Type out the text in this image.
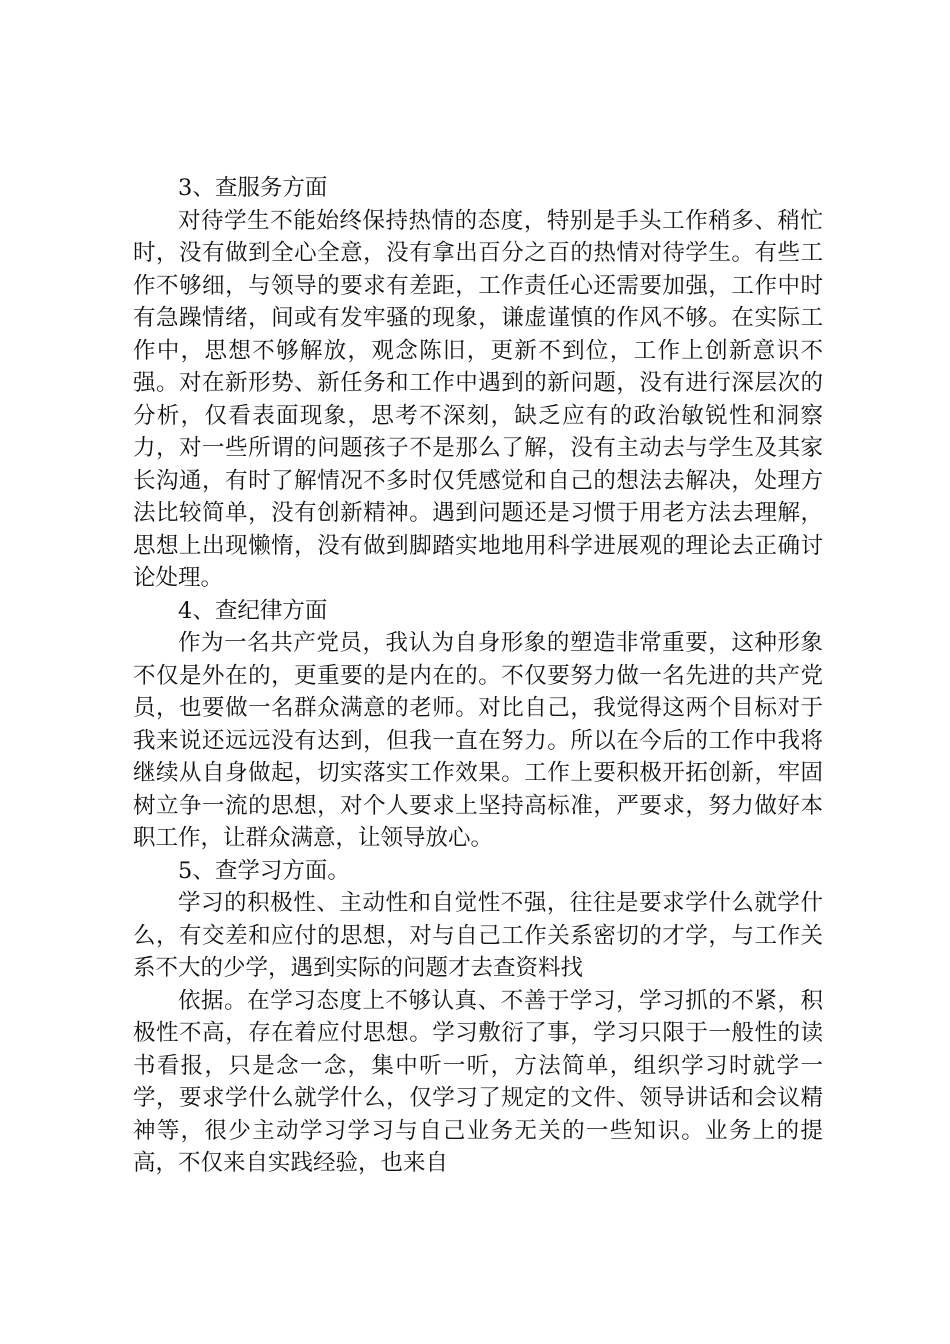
3、查服务方面

对待学生不能始终保持热情的态度，特别是手头工作稍多、稍忙时，没有做到全心全意，没有拿出百分之百的热情对待学生。有些工作不够细，与领导的要求有差距，工作责任心还需要加强，工作中时有急躁情绪，间或有发牢骚的现象，谦虚谨慎的作风不够。在实际工作中，思想不够解放，观念陈旧，更新不到位，工作上创新意识不强。对在新形势、新任务和工作中遇到的新问题，没有进行深层次的分析，仅看表面现象，思考不深刻，缺乏应有的政治敏锐性和洞察力，对一些所谓的问题孩子不是那么了解，没有主动去与学生及其家长沟通，有时了解情况不多时仅凭感觉和自己的想法去解决，处理方法比较简单，没有创新精神。遇到问题还是习惯于用老方法去理解，思想上出现懒惰，没有做到脚踏实地地用科学进展观的理论去正确讨论处理。

4、查纪律方面

作为一名共产党员，我认为自身形象的塑造非常重要，这种形象不仅是外在的，更重要的是内在的。不仅要努力做一名先进的共产党员，也要做一名群众满意的老师。对比自己，我觉得这两个目标对于我来说还远远没有达到，但我一直在努力。所以在今后的工作中我将继续从自身做起，切实落实工作效果。工作上要积极开拓创新，牢固树立争一流的思想，对个人要求上坚持高标准，严要求，努力做好本职工作，让群众满意，让领导放心。

5、查学习方面。

学习的积极性、主动性和自觉性不强，往往是要求学什么就学什么，有交差和应付的思想，对与自己工作关系密切的才学，与工作关系不大的少学，遇到实际的问题才去查资料找

依据。在学习态度上不够认真、不善于学习，学习抓的不紧，积极性不高，存在着应付思想。学习敷衍了事，学习只限于一般性的读书看报，只是念一念，集中听一听，方法简单，组织学习时就学一学，要求学什么就学什么，仅学习了规定的文件、领导讲话和会议精神等，很少主动学习学习与自己业务无关的一些知识。业务上的提高，不仅来自实践经验，也来自
